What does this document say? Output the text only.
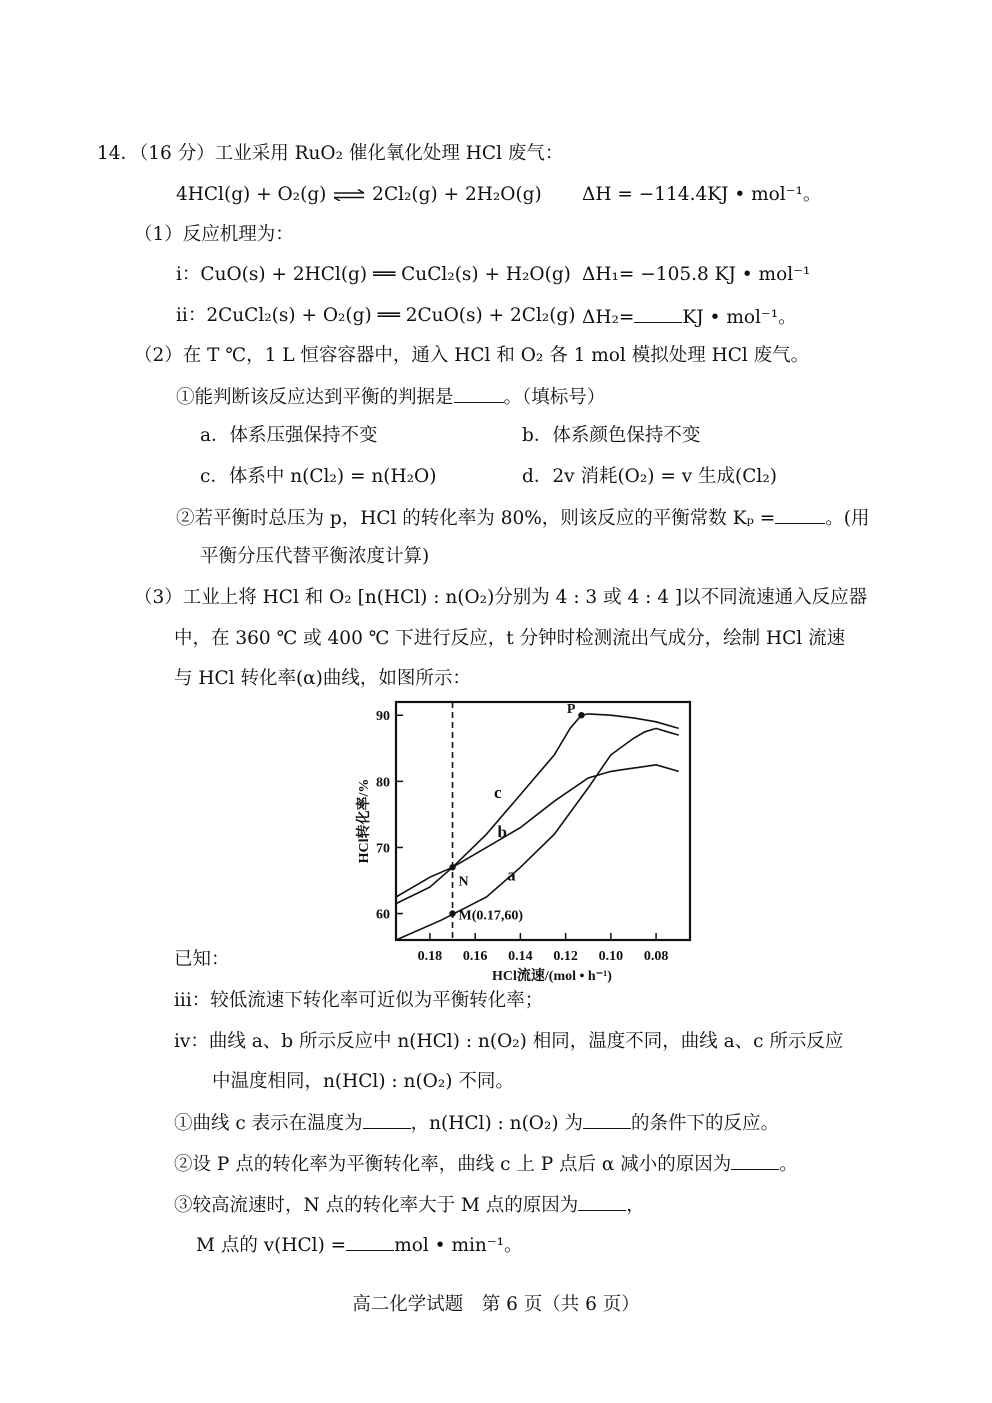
14．（16 分）工业采用 RuO₂ 催化氧化处理 HCl 废气：
4HCl(g) + O₂(g) ⇌ 2Cl₂(g) + 2H₂O(g) ΔH = −114.4KJ • mol⁻¹。
（1）反应机理为：
i：CuO(s) + 2HCl(g) ══ CuCl₂(s) + H₂O(g) ΔH₁= −105.8 KJ • mol⁻¹
ii：2CuCl₂(s) + O₂(g) ══ 2CuO(s) + 2Cl₂(g) ΔH₂=	KJ • mol⁻¹。
（2）在 T ℃，1 L 恒容容器中，通入 HCl 和 O₂ 各 1 mol 模拟处理 HCl 废气。
①能判断该反应达到平衡的判据是	。（填标号）
a．体系压强保持不变	b．体系颜色保持不变
c．体系中 n(Cl₂) = n(H₂O)	d．2v 消耗(O₂) = v 生成(Cl₂)
②若平衡时总压为 p，HCl 的转化率为 80%，则该反应的平衡常数 Kₚ =	。(用
平衡分压代替平衡浓度计算)
（3）工业上将 HCl 和 O₂ [n(HCl) : n(O₂)分别为 4 : 3 或 4 : 4 ]以不同流速通入反应器
中，在 360 ℃ 或 400 ℃ 下进行反应，t 分钟时检测流出气成分，绘制 HCl 流速
与 HCl 转化率(α)曲线，如图所示：
90
80
70
60
0.18 0.16 0.14 0.12 0.10 0.08
M(0.17,60)
N
P
a
b
c
HCl流速/(mol • h⁻¹)
HCl转化率/%
已知：
iii：较低流速下转化率可近似为平衡转化率；
iv：曲线 a、b 所示反应中 n(HCl) : n(O₂) 相同，温度不同，曲线 a、c 所示反应
中温度相同，n(HCl) : n(O₂) 不同。
①曲线 c 表示在温度为	，n(HCl) : n(O₂) 为	的条件下的反应。
②设 P 点的转化率为平衡转化率，曲线 c 上 P 点后 α 减小的原因为	。
③较高流速时，N 点的转化率大于 M 点的原因为	，
M 点的 v(HCl) =	mol • min⁻¹。
高二化学试题　第 6 页（共 6 页）
